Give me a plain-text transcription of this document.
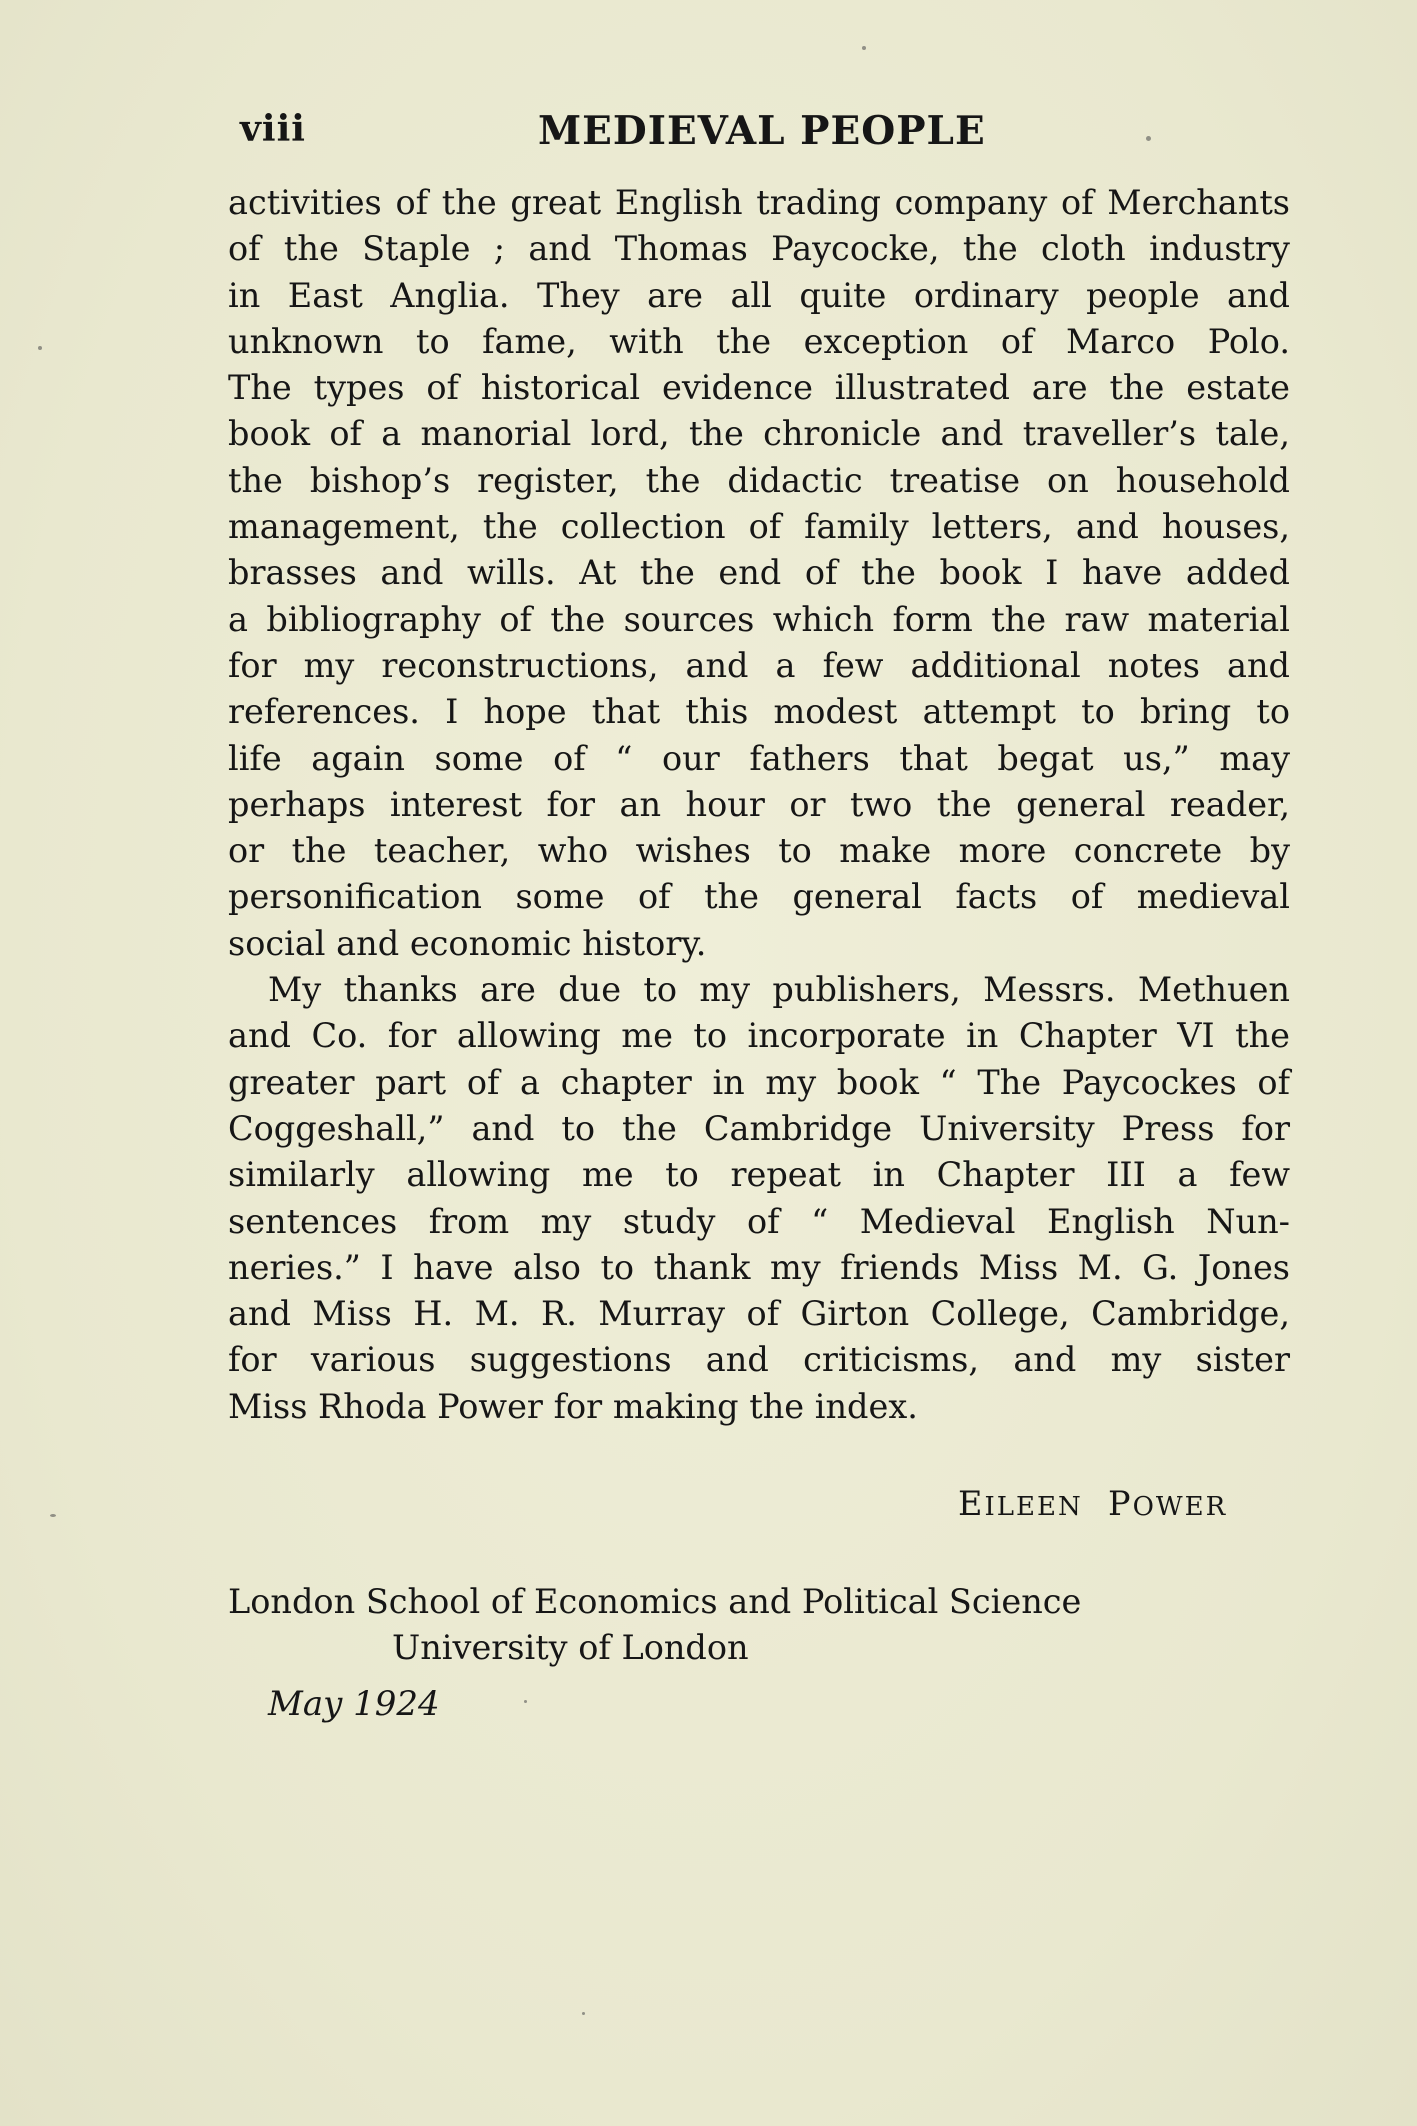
viii	MEDIEVAL PEOPLE
activities of the great English trading company of Merchants
of the Staple ; and Thomas Paycocke, the cloth industry
in East Anglia. They are all quite ordinary people and
unknown to fame, with the exception of Marco Polo.
The types of historical evidence illustrated are the estate
book of a manorial lord, the chronicle and traveller’s tale,
the bishop’s register, the didactic treatise on household
management, the collection of family letters, and houses,
brasses and wills. At the end of the book I have added
a bibliography of the sources which form the raw material
for my reconstructions, and a few additional notes and
references. I hope that this modest attempt to bring to
life again some of “ our fathers that begat us,” may
perhaps interest for an hour or two the general reader,
or the teacher, who wishes to make more concrete by
personification some of the general facts of medieval
social and economic history.
My thanks are due to my publishers, Messrs. Methuen
and Co. for allowing me to incorporate in Chapter VI the
greater part of a chapter in my book “ The Paycockes of
Coggeshall,” and to the Cambridge University Press for
similarly allowing me to repeat in Chapter III a few
sentences from my study of “ Medieval English Nun-
neries.” I have also to thank my friends Miss M. G. Jones
and Miss H. M. R. Murray of Girton College, Cambridge,
for various suggestions and criticisms, and my sister
Miss Rhoda Power for making the index.
EILEEN POWER
London School of Economics and Political Science
University of London
May 1924
